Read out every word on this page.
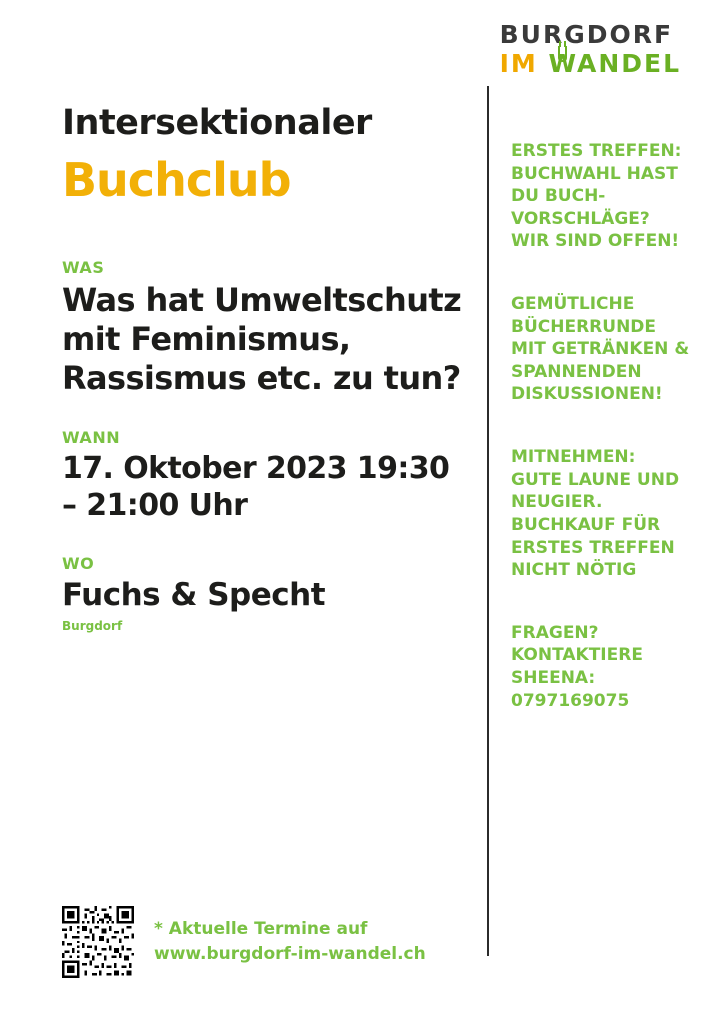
BURGDORF
IM WANDEL
Intersektionaler
Buchclub
WAS
Was hat Umweltschutz mit Feminismus, Rassismus etc. zu tun?
WANN
17. Oktober 2023 19:30 – 21:00 Uhr
WO
Fuchs & Specht
Burgdorf
ERSTES TREFFEN: BUCHWAHL HAST DU BUCH-VORSCHLÄGE? WIR SIND OFFEN!
GEMÜTLICHE BÜCHERRUNDE MIT GETRÄNKEN & SPANNENDEN DISKUSSIONEN!
MITNEHMEN: GUTE LAUNE UND NEUGIER. BUCHKAUF FÜR ERSTES TREFFEN NICHT NÖTIG
FRAGEN? KONTAKTIERE SHEENA: 0797169075
* Aktuelle Termine auf
www.burgdorf-im-wandel.ch
